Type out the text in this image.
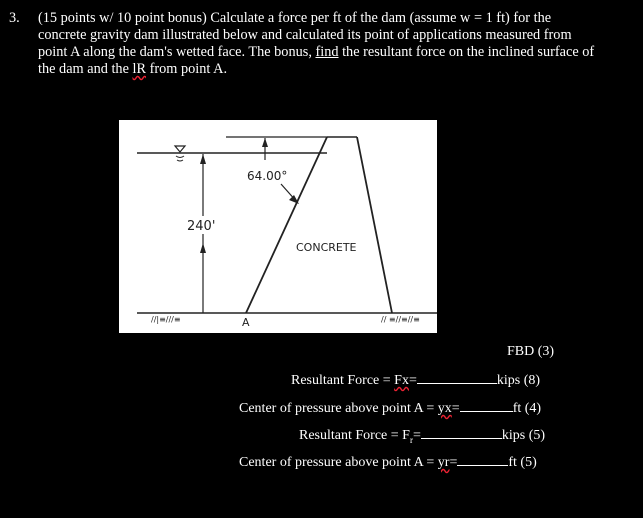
3. (15 points w/ 10 point bonus) Calculate a force per ft of the dam (assume w = 1 ft) for the concrete gravity dam illustrated below and calculated its point of applications measured from point A along the dam's wetted face. The bonus, find the resultant force on the inclined surface of the dam and the lR from point A.
240'
64.00°
CONCRETE
A
//|≡///≡	// ≡//≡//≡
FBD (3)
Resultant Force = Fx=	kips (8)
Center of pressure above point A = yx=	ft (4)
Resultant Force = $F_r=$	kips (5)
Center of pressure above point A = yr=	ft (5)
